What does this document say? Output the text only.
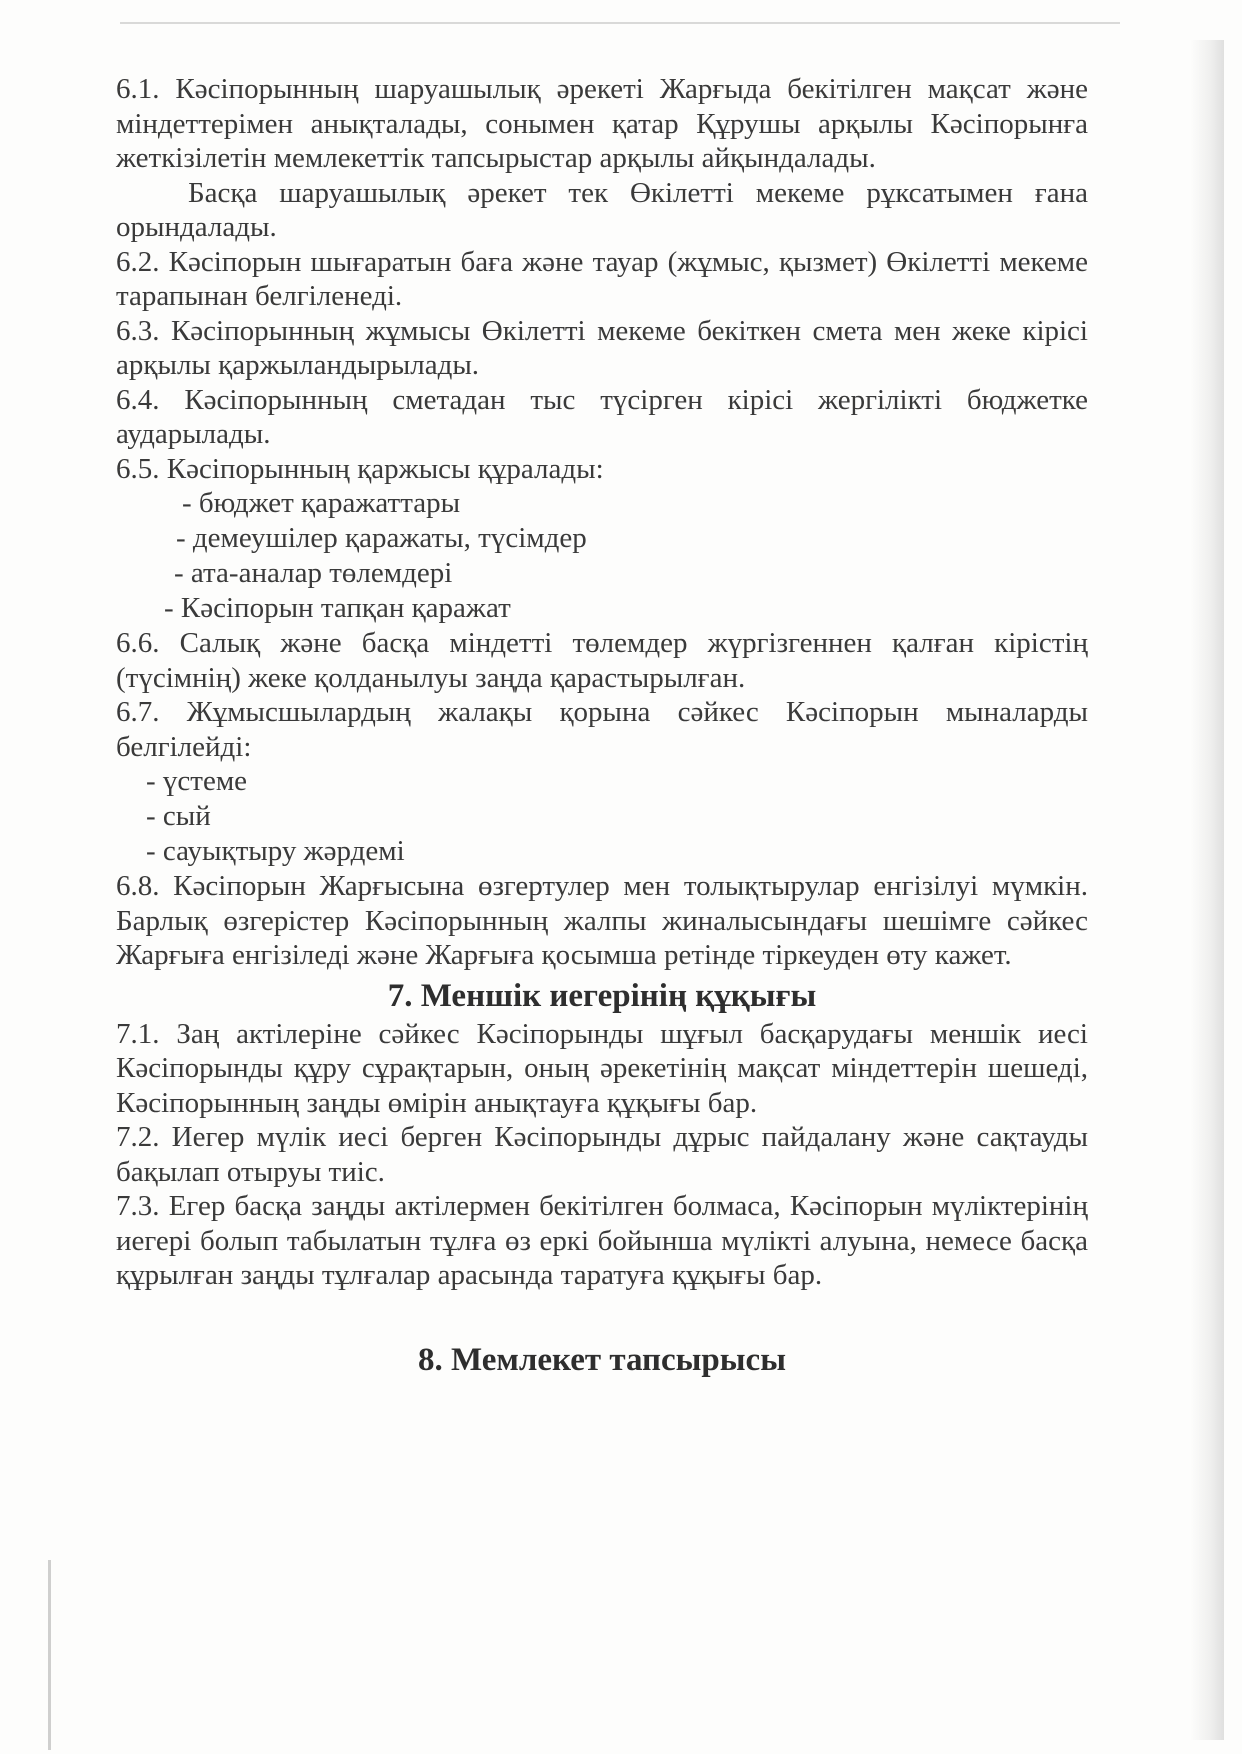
6.1. Кәсіпорынның шаруашылық әрекеті Жарғыда бекітілген мақсат және міндеттерімен анықталады, сонымен қатар Құрушы арқылы Кәсіпорынға жеткізілетін мемлекеттік тапсырыстар арқылы айқындалады.

Басқа шаруашылық әрекет тек Өкілетті мекеме рұксатымен ғана орындалады.

6.2. Кәсіпорын шығаратын баға және тауар (жұмыс, қызмет) Өкілетті мекеме тарапынан белгіленеді.

6.3. Кәсіпорынның жұмысы Өкілетті мекеме бекіткен смета мен жеке кірісі арқылы қаржыландырылады.

6.4. Кәсіпорынның сметадан тыс түсірген кірісі жергілікті бюджетке аударылады.

6.5. Кәсіпорынның қаржысы құралады:

- бюджет қаражаттары

- демеушілер қаражаты, түсімдер

- ата-аналар төлемдері

- Кәсіпорын тапқан қаражат

6.6. Салық және басқа міндетті төлемдер жүргізгеннен қалған кірістің (түсімнің) жеке қолданылуы заңда қарастырылған.

6.7. Жұмысшылардың жалақы қорына сәйкес Кәсіпорын мыналарды белгілейді:

- үстеме

- сый

- сауықтыру жәрдемі

6.8. Кәсіпорын Жарғысына өзгертулер мен толықтырулар енгізілуі мүмкін. Барлық өзгерістер Кәсіпорынның жалпы жиналысындағы шешімге сәйкес Жарғыға енгізіледі және Жарғыға қосымша ретінде тіркеуден өту кажет.

7. Меншік иегерінің құқығы

7.1. Заң актілеріне сәйкес Кәсіпорынды шұғыл басқарудағы меншік иесі Кәсіпорынды құру сұрақтарын, оның әрекетінің мақсат міндеттерін шешеді, Кәсіпорынның заңды өмірін анықтауға құқығы бар.

7.2. Иегер мүлік иесі берген Кәсіпорынды дұрыс пайдалану және сақтауды бақылап отыруы тиіс.

7.3. Егер басқа заңды актілермен бекітілген болмаса, Кәсіпорын мүліктерінің иегері болып табылатын тұлға өз еркі бойынша мүлікті алуына, немесе басқа құрылған заңды тұлғалар арасында таратуға құқығы бар.

8. Мемлекет тапсырысы
